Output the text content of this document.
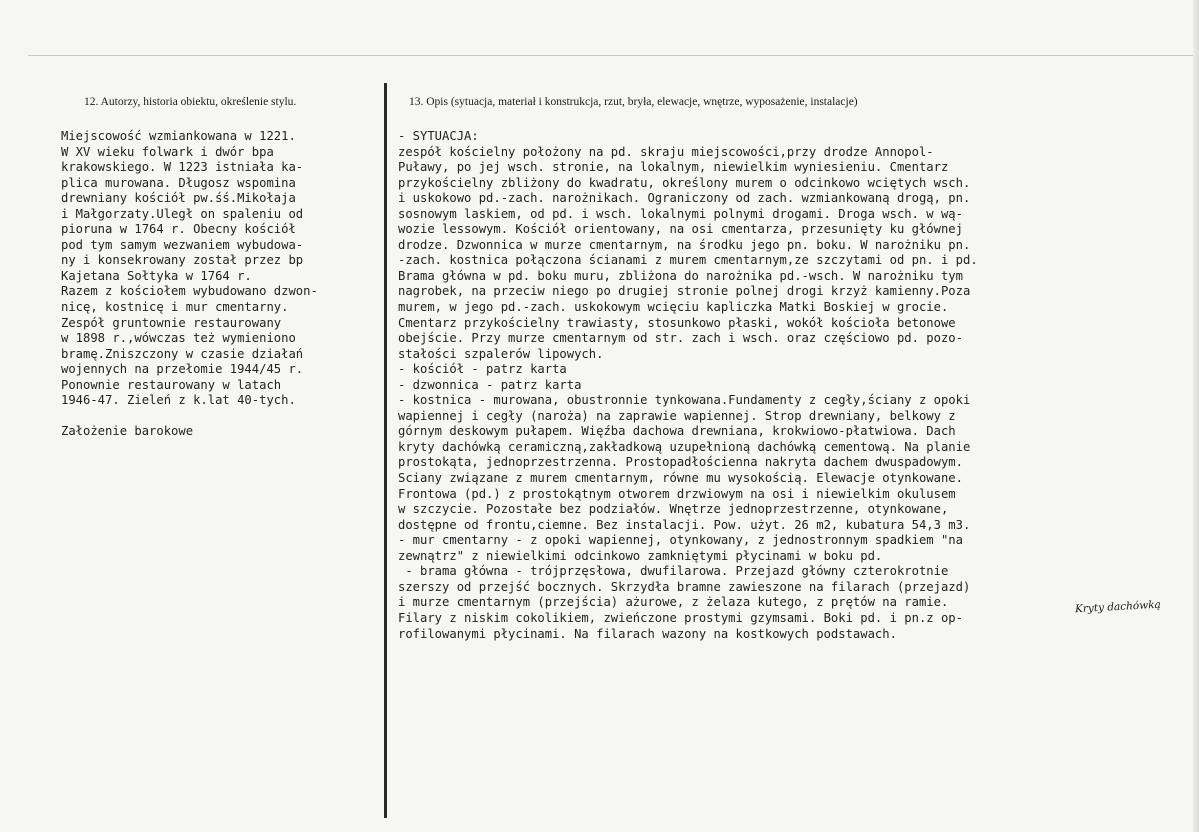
12. Autorzy, historia obiektu, określenie stylu.	13. Opis (sytuacja, materiał i konstrukcja, rzut, bryła, elewacje, wnętrze, wyposażenie, instalacje)
Miejscowość wzmiankowana w 1221.
W XV wieku folwark i dwór bpa
krakowskiego. W 1223 istniała ka-
plica murowana. Długosz wspomina
drewniany kościół pw.śś.Mikołaja
i Małgorzaty.Uległ on spaleniu od
pioruna w 1764 r. Obecny kościół
pod tym samym wezwaniem wybudowa-
ny i konsekrowany został przez bp
Kajetana Sołtyka w 1764 r.
Razem z kościołem wybudowano dzwon-
nicę, kostnicę i mur cmentarny.
Zespół gruntownie restaurowany
w 1898 r.,wówczas też wymieniono
bramę.Zniszczony w czasie działań
wojennych na przełomie 1944/45 r.
Ponownie restaurowany w latach
1946-47. Zieleń z k.lat 40-tych.
Założenie barokowe
- SYTUACJA:
zespół kościelny położony na pd. skraju miejscowości,przy drodze Annopol-
Puławy, po jej wsch. stronie, na lokalnym, niewielkim wyniesieniu. Cmentarz
przykościelny zbliżony do kwadratu, określony murem o odcinkowo wciętych wsch.
i uskokowo pd.-zach. narożnikach. Ograniczony od zach. wzmiankowaną drogą, pn.
sosnowym laskiem, od pd. i wsch. lokalnymi polnymi drogami. Droga wsch. w wą-
wozie lessowym. Kościół orientowany, na osi cmentarza, przesunięty ku głównej
drodze. Dzwonnica w murze cmentarnym, na środku jego pn. boku. W narożniku pn.
-zach. kostnica połączona ścianami z murem cmentarnym,ze szczytami od pn. i pd.
Brama główna w pd. boku muru, zbliżona do narożnika pd.-wsch. W narożniku tym
nagrobek, na przeciw niego po drugiej stronie polnej drogi krzyż kamienny.Poza
murem, w jego pd.-zach. uskokowym wcięciu kapliczka Matki Boskiej w grocie.
Cmentarz przykościelny trawiasty, stosunkowo płaski, wokół kościoła betonowe
obejście. Przy murze cmentarnym od str. zach i wsch. oraz częściowo pd. pozo-
stałości szpalerów lipowych.
- kościół - patrz karta
- dzwonnica - patrz karta
- kostnica - murowana, obustronnie tynkowana.Fundamenty z cegły,ściany z opoki
wapiennej i cegły (naroża) na zaprawie wapiennej. Strop drewniany, belkowy z
górnym deskowym pułapem. Więźba dachowa drewniana, krokwiowo-płatwiowa. Dach
kryty dachówką ceramiczną,zakładkową uzupełnioną dachówką cementową. Na planie
prostokąta, jednoprzestrzenna. Prostopadłościenna nakryta dachem dwuspadowym.
Sciany związane z murem cmentarnym, równe mu wysokością. Elewacje otynkowane.
Frontowa (pd.) z prostokątnym otworem drzwiowym na osi i niewielkim okulusem
w szczycie. Pozostałe bez podziałów. Wnętrze jednoprzestrzenne, otynkowane,
dostępne od frontu,ciemne. Bez instalacji. Pow. użyt. 26 m2, kubatura 54,3 m3.
- mur cmentarny - z opoki wapiennej, otynkowany, z jednostronnym spadkiem "na
zewnątrz" z niewielkimi odcinkowo zamkniętymi płycinami w boku pd.
- brama główna - trójprzęsłowa, dwufilarowa. Przejazd główny czterokrotnie
szerszy od przejść bocznych. Skrzydła bramne zawieszone na filarach (przejazd)
i murze cmentarnym (przejścia) ażurowe, z żelaza kutego, z prętów na ramie.
Filary z niskim cokolikiem, zwieńczone prostymi gzymsami. Boki pd. i pn.z op-
rofilowanymi płycinami. Na filarach wazony na kostkowych podstawach.
Kryty dachówką
